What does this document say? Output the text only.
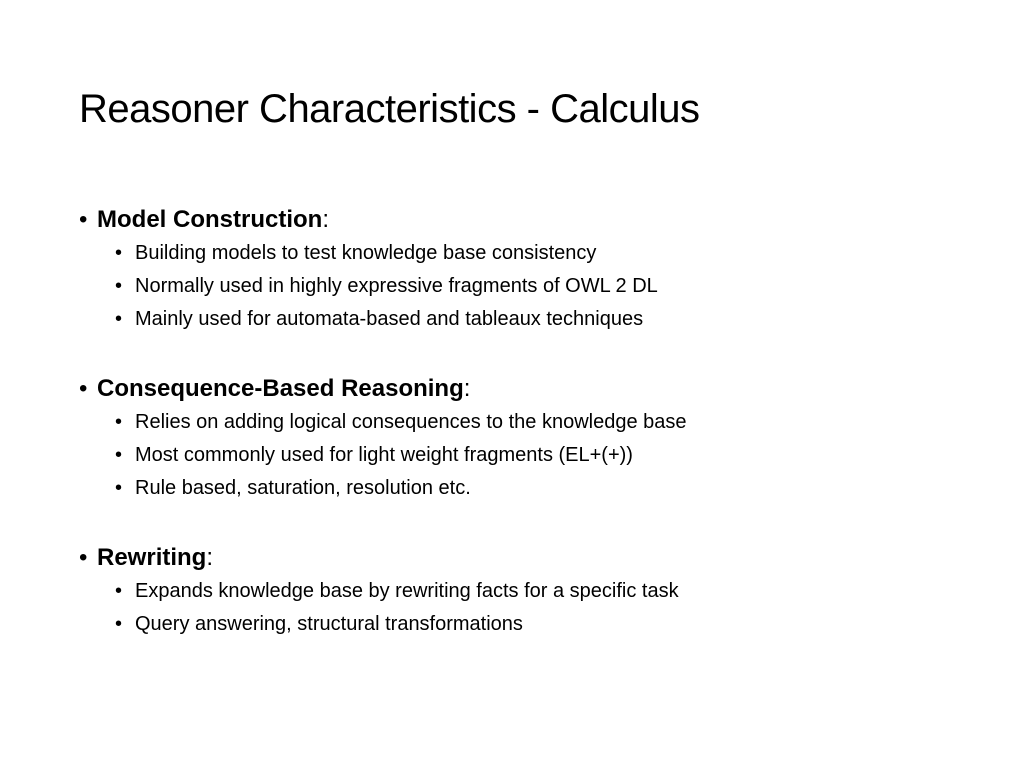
Reasoner Characteristics - Calculus
• Model Construction :
• Building models to test knowledge base consistency
• Normally used in highly expressive fragments of OWL 2 DL
• Mainly used for automata-based and tableaux techniques
• Consequence-Based Reasoning :
• Relies on adding logical consequences to the knowledge base
• Most commonly used for light weight fragments (EL+(+))
• Rule based, saturation, resolution etc.
• Rewriting :
• Expands knowledge base by rewriting facts for a specific task
• Query answering, structural transformations
